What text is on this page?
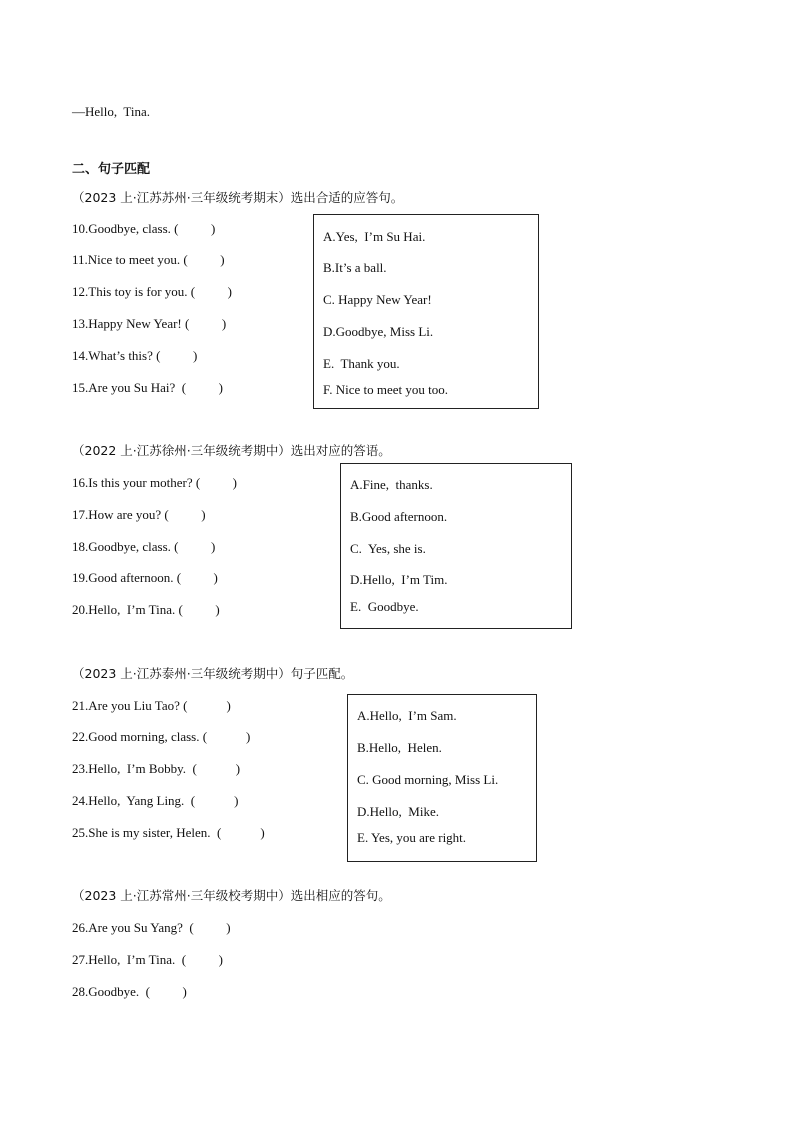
—Hello,  Tina.
二、句子匹配
（2023 上·江苏苏州·三年级统考期末）选出合适的应答句。
10.Goodbye, class. (          )
11.Nice to meet you. (          )
12.This toy is for you. (          )
13.Happy New Year! (          )
14.What’s this? (          )
15.Are you Su Hai?  (          )
A.Yes,  I’m Su Hai.
B.It’s a ball.
C. Happy New Year!
D.Goodbye, Miss Li.
E.  Thank you.
F. Nice to meet you too.
（2022 上·江苏徐州·三年级统考期中）选出对应的答语。
16.Is this your mother? (          )
17.How are you? (          )
18.Goodbye, class. (          )
19.Good afternoon. (          )
20.Hello,  I’m Tina. (          )
A.Fine,  thanks.
B.Good afternoon.
C.  Yes, she is.
D.Hello,  I’m Tim.
E.  Goodbye.
（2023 上·江苏泰州·三年级统考期中）句子匹配。
21.Are you Liu Tao? (            )
22.Good morning, class. (            )
23.Hello,  I’m Bobby.  (            )
24.Hello,  Yang Ling.  (            )
25.She is my sister, Helen.  (            )
A.Hello,  I’m Sam.
B.Hello,  Helen.
C. Good morning, Miss Li.
D.Hello,  Mike.
E. Yes, you are right.
（2023 上·江苏常州·三年级校考期中）选出相应的答句。
26.Are you Su Yang?  (          )
27.Hello,  I’m Tina.  (          )
28.Goodbye.  (          )
